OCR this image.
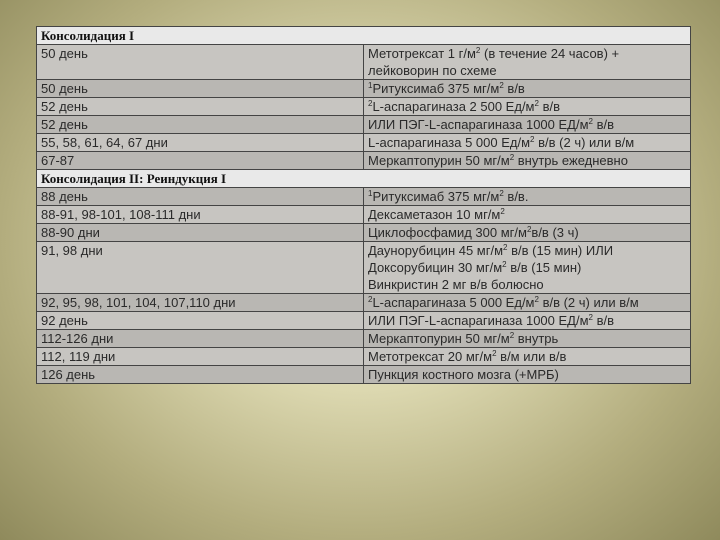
Консолидация I	
50 день	Метотрексат 1 $г/м^2$ (в течение 24 часов) + лейковорин по схеме
50 день	$^1$Ритуксимаб 375 $мг/м^2$ в/в
52 день	$^2$L-аспарагиназа 2 500 $Ед/м^2$ в/в
52 день	ИЛИ ПЭГ-L-аспарагиназа 1000 $ЕД/м^2$ в/в
55, 58, 61, 64, 67 дни	L-аспарагиназа 5 000 $Ед/м^2$ в/в (2 ч) или в/м
67-87	Меркаптопурин 50 $мг/м^2$ внутрь ежедневно
Консолидация II: Реиндукция I	
88 день	$^1$Ритуксимаб 375 $мг/м^2$ в/в.
88-91, 98-101, 108-111 дни	Дексаметазон 10 $мг/м^2$
88-90 дни	Циклофосфамид 300 $мг/м^2в/в$ (3 ч)
91, 98 дни	Даунорубицин 45 $мг/м^2$ в/в (15 мин) ИЛИ Доксорубицин 30 $мг/м^2$ в/в (15 мин)
Винкристин 2 мг в/в болюсно

92, 95, 98, 101, 104, 107,110 дни	$^2$L-аспарагиназа 5 000 $Ед/м^2$ в/в (2 ч) или в/м
92 день	ИЛИ ПЭГ-L-аспарагиназа 1000 $ЕД/м^2$ в/в
112-126 дни	Меркаптопурин 50 $мг/м^2$ внутрь
112, 119 дни	Метотрексат 20 $мг/м^2$ в/м или в/в
126 день	Пункция костного мозга (+МРБ)
